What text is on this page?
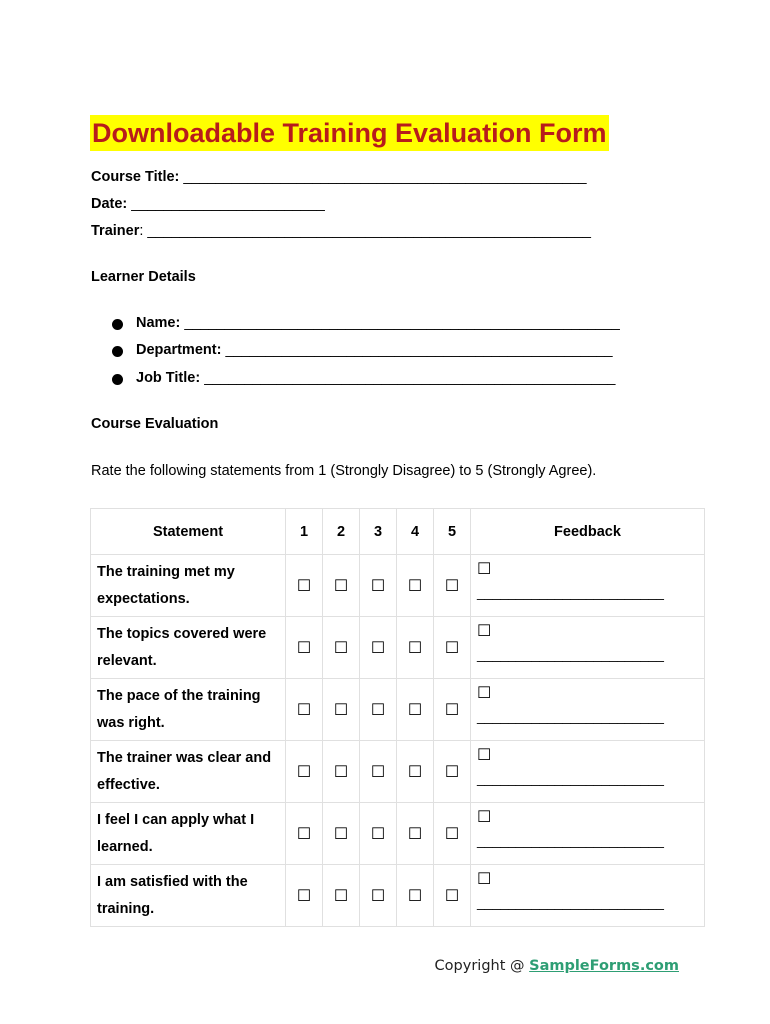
Downloadable Training Evaluation Form
Course Title: __________________________________________________
Date: ________________________
Trainer: _______________________________________________________
Learner Details
Name: ______________________________________________________
Department: ________________________________________________
Job Title: ___________________________________________________
Course Evaluation
Rate the following statements from 1 (Strongly Disagree) to 5 (Strongly Agree).
Statement	1	2	3	4	5	Feedback
The training met my expectations.	☐	☐	☐	☐	☐	☐
________________________

The topics covered were relevant.	☐	☐	☐	☐	☐	☐
________________________

The pace of the training was right.	☐	☐	☐	☐	☐	☐
________________________

The trainer was clear and effective.	☐	☐	☐	☐	☐	☐
________________________

I feel I can apply what I learned.	☐	☐	☐	☐	☐	☐
________________________

I am satisfied with the training.	☐	☐	☐	☐	☐	☐
________________________
Copyright @ SampleForms.com
